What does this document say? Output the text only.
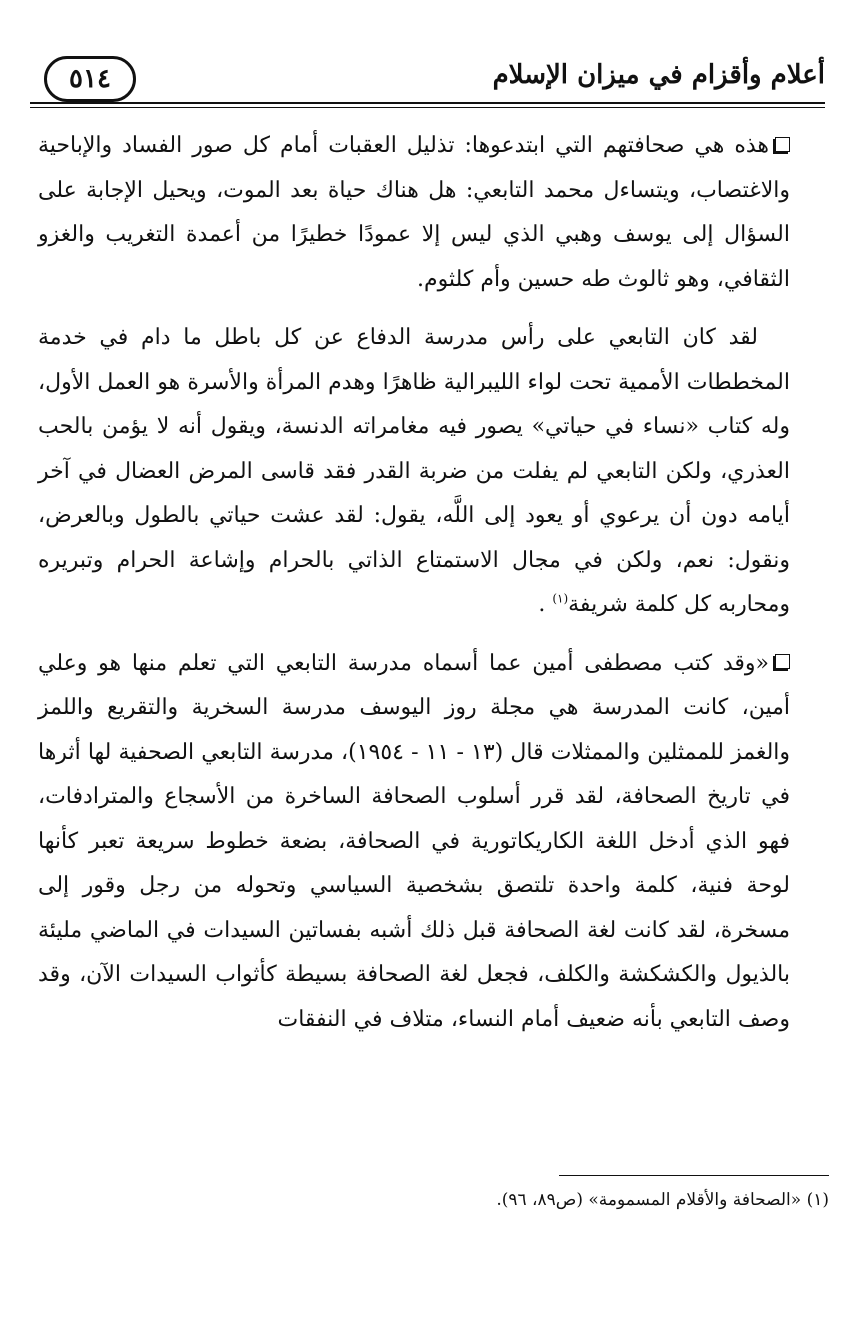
أعلام وأقزام في ميزان الإسلام
٥١٤

هذه هي صحافتهم التي ابتدعوها: تذليل العقبات أمام كل صور الفساد والإباحية والاغتصاب، ويتساءل محمد التابعي: هل هناك حياة بعد الموت، ويحيل الإجابة على السؤال إلى يوسف وهبي الذي ليس إلا عمودًا خطيرًا من أعمدة التغريب والغزو الثقافي، وهو ثالوث طه حسين وأم كلثوم.

لقد كان التابعي على رأس مدرسة الدفاع عن كل باطل ما دام في خدمة المخططات الأممية تحت لواء الليبرالية ظاهرًا وهدم المرأة والأسرة هو العمل الأول، وله كتاب «نساء في حياتي» يصور فيه مغامراته الدنسة، ويقول أنه لا يؤمن بالحب العذري، ولكن التابعي لم يفلت من ضربة القدر فقد قاسى المرض العضال في آخر أيامه دون أن يرعوي أو يعود إلى اللَّه، يقول: لقد عشت حياتي بالطول وبالعرض، ونقول: نعم، ولكن في مجال الاستمتاع الذاتي بالحرام وإشاعة الحرام وتبريره ومحاربه كل كلمة شريفة$^{(١)}$ .

«وقد كتب مصطفى أمين عما أسماه مدرسة التابعي التي تعلم منها هو وعلي أمين، كانت المدرسة هي مجلة روز اليوسف مدرسة السخرية والتقريع واللمز والغمز للممثلين والممثلات قال (١٣ - ١١ - ١٩٥٤)، مدرسة التابعي الصحفية لها أثرها في تاريخ الصحافة، لقد قرر أسلوب الصحافة الساخرة من الأسجاع والمترادفات، فهو الذي أدخل اللغة الكاريكاتورية في الصحافة، بضعة خطوط سريعة تعبر كأنها لوحة فنية، كلمة واحدة تلتصق بشخصية السياسي وتحوله من رجل وقور إلى مسخرة، لقد كانت لغة الصحافة قبل ذلك أشبه بفساتين السيدات في الماضي مليئة بالذيول والكشكشة والكلف، فجعل لغة الصحافة بسيطة كأثواب السيدات الآن، وقد وصف التابعي بأنه ضعيف أمام النساء، متلاف في النفقات

(١) «الصحافة والأقلام المسمومة» (ص٨٩، ٩٦).
